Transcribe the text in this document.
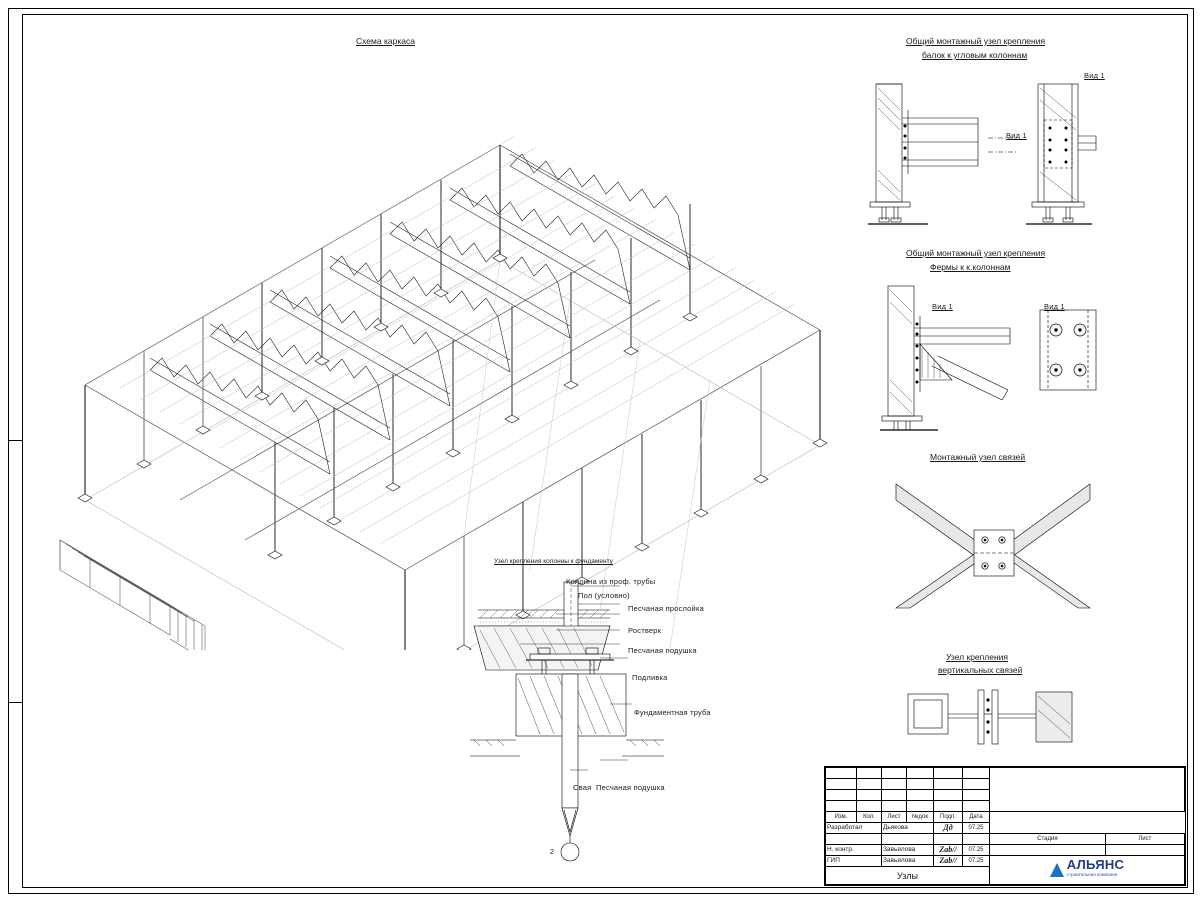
Схема каркаса	Общий монтажный узел крепления
балок к угловым колоннам
Вид 1
Вид 1
Общий монтажный узел крепления
Фермы к к.колоннам
Вид 1	Вид 1
Монтажный узел связей
Узел крепления
вертикальных связей
Узел крепления колонны к фундаменту
Колонна из проф. трубы
Пол (условно)
Песчаная прослойка
Ростверк
Песчаная подушка
Подливка
Фундаментная труба
Свая Песчаная подушка
2

Изм.	Кол.	Лист	№док	Подп.	Дата		
Разработал		Дьякова		Дд	07.25		
						Стадия	Лист
Н. контр.		Завьялова		Zab//	07.25		
ГИП		Завьялова		Zab//	07.25	АЛЬЯНС
строительная компания	

Узлы							
